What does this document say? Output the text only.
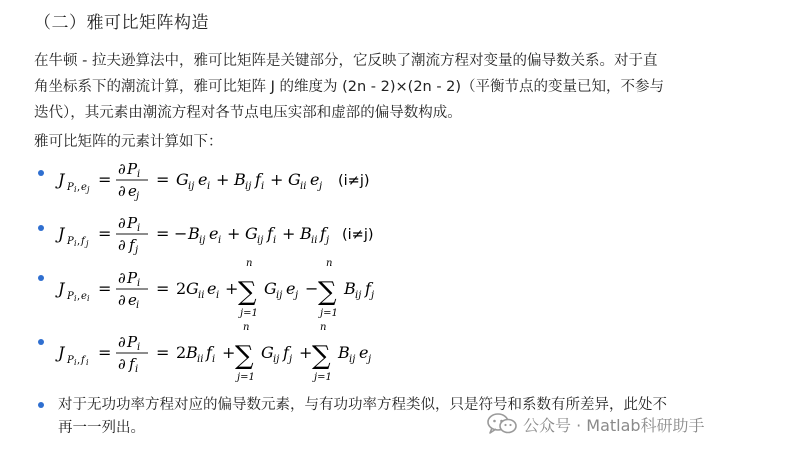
（二）雅可比矩阵构造
在牛顿 - 拉夫逊算法中，雅可比矩阵是关键部分，它反映了潮流方程对变量的偏导数关系。对于直
角坐标系下的潮流计算，雅可比矩阵 J 的维度为 (2n - 2)×(2n - 2)（平衡节点的变量已知，不参与
迭代），其元素由潮流方程对各节点电压实部和虚部的偏导数构成。
雅可比矩阵的元素计算如下：
J P i , e j
=
∂ P i
∂ e j
= G ij e i + B ij f i + G ii e j (i≠j)
J P i , f j
=
∂ P i
∂ f j
= − B ij e i + G ij f i + B ii f j (i≠j)
J P i , e i
=
∂ P i
∂ e i
= 2 G ii e i +
n
∑
j=1
G ij e j −
n
∑
j=1
B ij f j
J P i , f i
=
∂ P i
∂ f i
= 2 B ii f i +
n
∑
j=1
G ij f j +
n
∑
j=1
B ij e j
对于无功功率方程对应的偏导数元素，与有功功率方程类似，只是符号和系数有所差异，此处不
再一一列出。	公众号 · Matlab科研助手
